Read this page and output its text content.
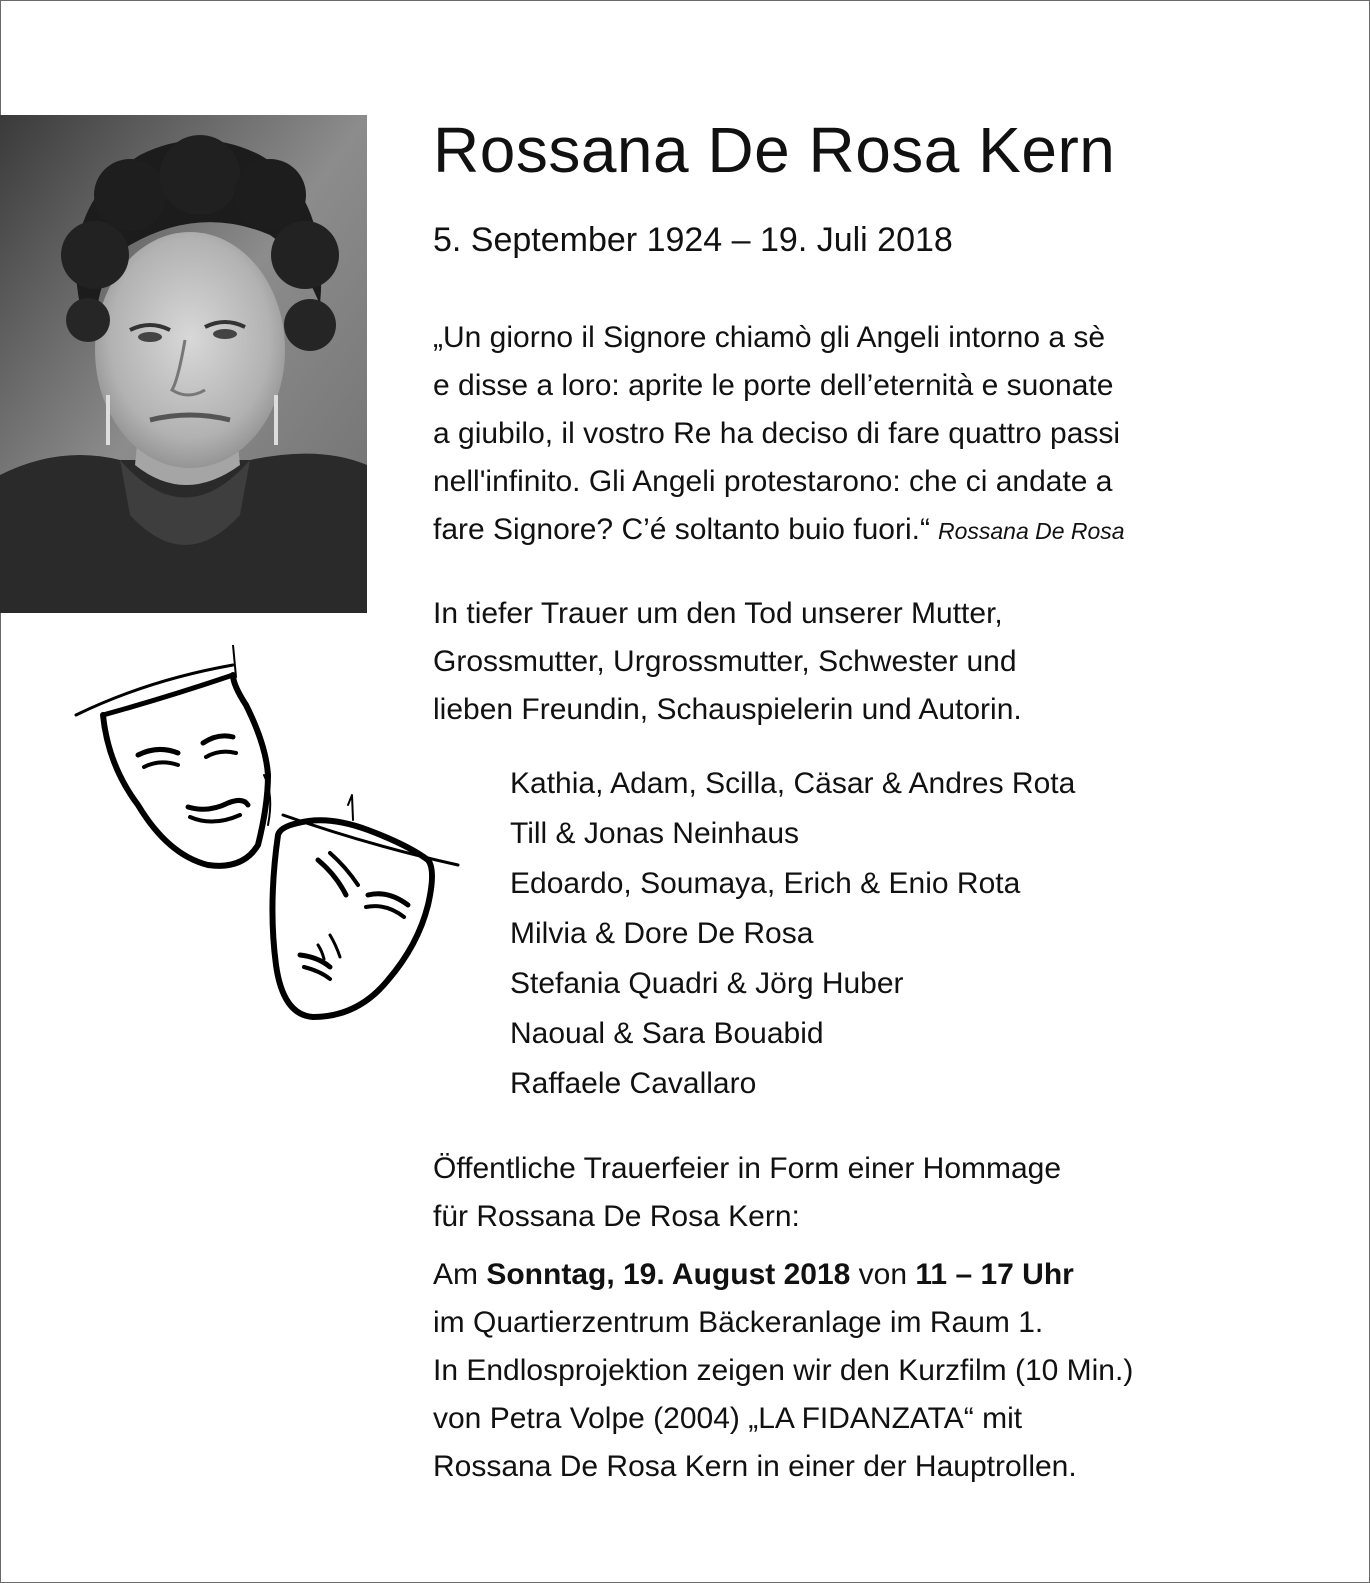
Rossana De Rosa Kern

5. September 1924 – 19. Juli 2018

„Un giorno il Signore chiamò gli Angeli intorno a sè
e disse a loro: aprite le porte dell’eternità e suonate
a giubilo, il vostro Re ha deciso di fare quattro passi
nell'infinito. Gli Angeli protestarono: che ci andate a
fare Signore? C’é soltanto buio fuori.“ Rossana De Rosa
In tiefer Trauer um den Tod unserer Mutter,
Grossmutter, Urgrossmutter, Schwester und
lieben Freundin, Schauspielerin und Autorin.
Kathia, Adam, Scilla, Cäsar & Andres Rota
Till & Jonas Neinhaus
Edoardo, Soumaya, Erich & Enio Rota
Milvia & Dore De Rosa
Stefania Quadri & Jörg Huber
Naoual & Sara Bouabid
Raffaele Cavallaro
Öffentliche Trauerfeier in Form einer Hommage
für Rossana De Rosa Kern:
Am Sonntag, 19. August 2018 von 11 – 17 Uhr
im Quartierzentrum Bäckeranlage im Raum 1.
In Endlosprojektion zeigen wir den Kurzfilm (10 Min.)
von Petra Volpe (2004) „LA FIDANZATA“ mit
Rossana De Rosa Kern in einer der Hauptrollen.
